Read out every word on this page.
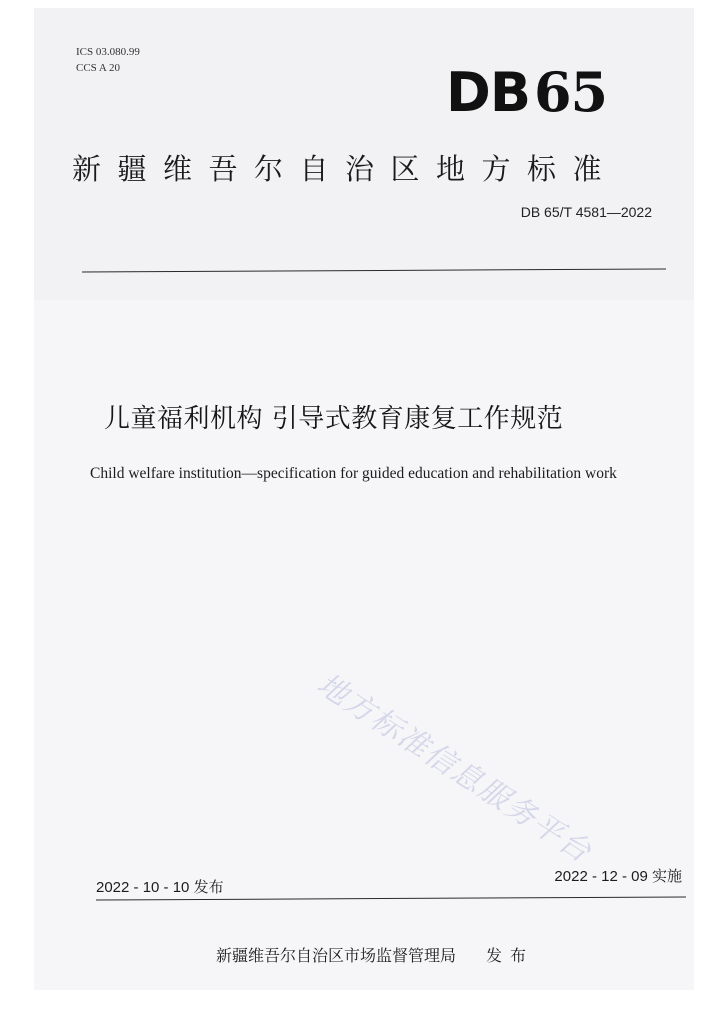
ICS 03.080.99
CCS A 20	DB65
新疆维吾尔自治区地方标准
DB 65/T 4581—2022
儿童福利机构 引导式教育康复工作规范
Child welfare institution—specification for guided education and rehabilitation work
地方标准信息服务平台
2022 - 10 - 10 发布
2022 - 12 - 09 实施
新疆维吾尔自治区市场监督管理局 发布
